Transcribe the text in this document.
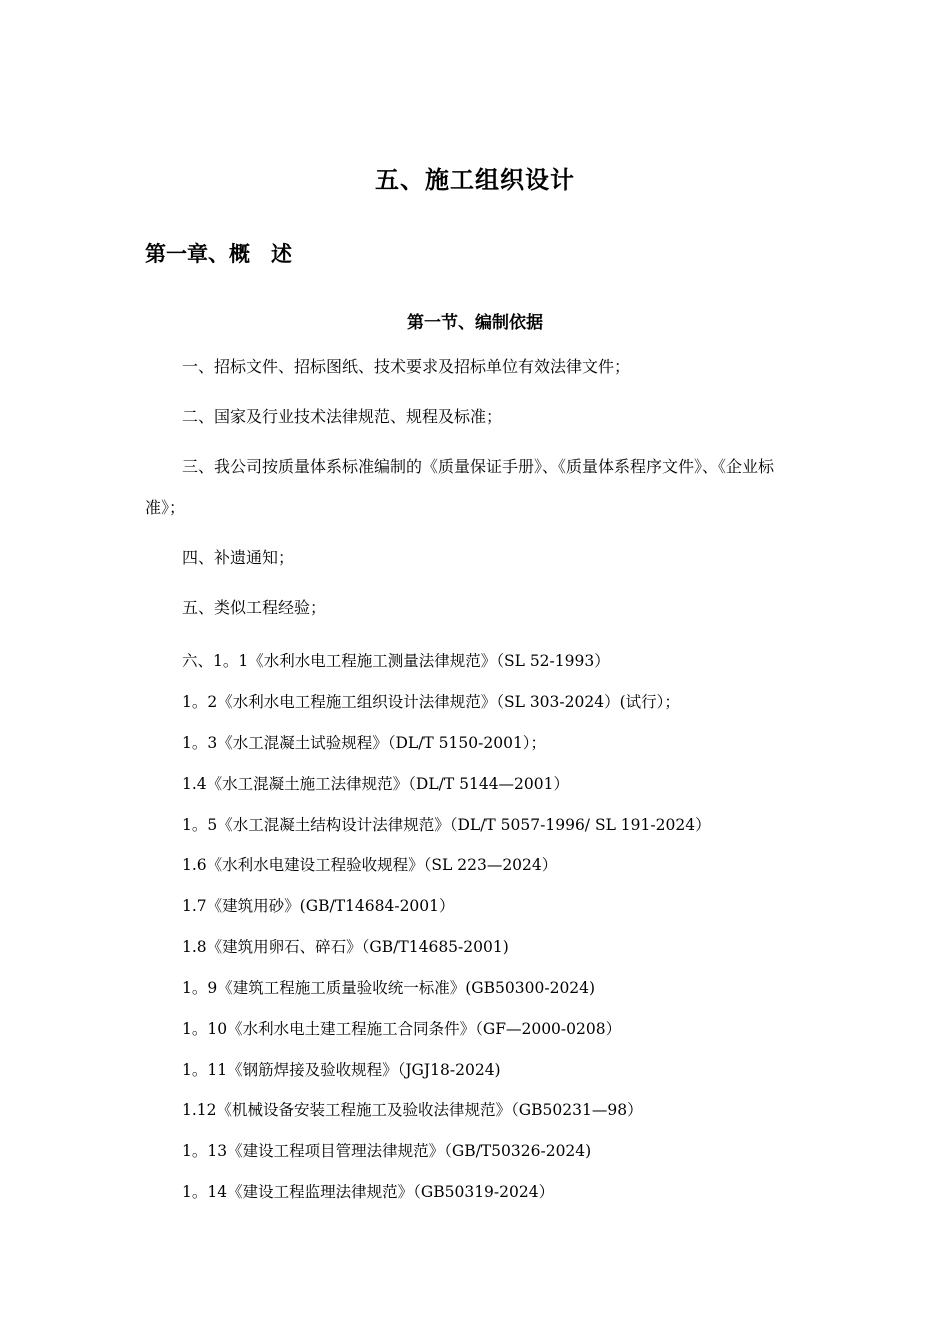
五、施工组织设计
第一章、概　述
第一节、编制依据
一、招标文件、招标图纸、技术要求及招标单位有效法律文件；
二、国家及行业技术法律规范、规程及标准；
三、我公司按质量体系标准编制的《质量保证手册》、《质量体系程序文件》、《企业标准》；
四、补遗通知；
五、类似工程经验；
六、1。1《水利水电工程施工测量法律规范》（SL 52-1993）
1。2《水利水电工程施工组织设计法律规范》（SL 303-2024）(试行）；
1。3《水工混凝土试验规程》（DL/T 5150-2001）；
1.4《水工混凝土施工法律规范》（DL/T 5144—2001）
1。5《水工混凝土结构设计法律规范》（DL/T 5057-1996/ SL 191-2024）
1.6《水利水电建设工程验收规程》（SL 223—2024）
1.7《建筑用砂》(GB/T14684-2001）
1.8《建筑用卵石、碎石》（GB/T14685-2001)
1。9《建筑工程施工质量验收统一标准》(GB50300-2024)
1。10《水利水电土建工程施工合同条件》（GF—2000-0208）
1。11《钢筋焊接及验收规程》（JGJ18-2024)
1.12《机械设备安装工程施工及验收法律规范》（GB50231—98）
1。13《建设工程项目管理法律规范》（GB/T50326-2024)
1。14《建设工程监理法律规范》（GB50319-2024）
